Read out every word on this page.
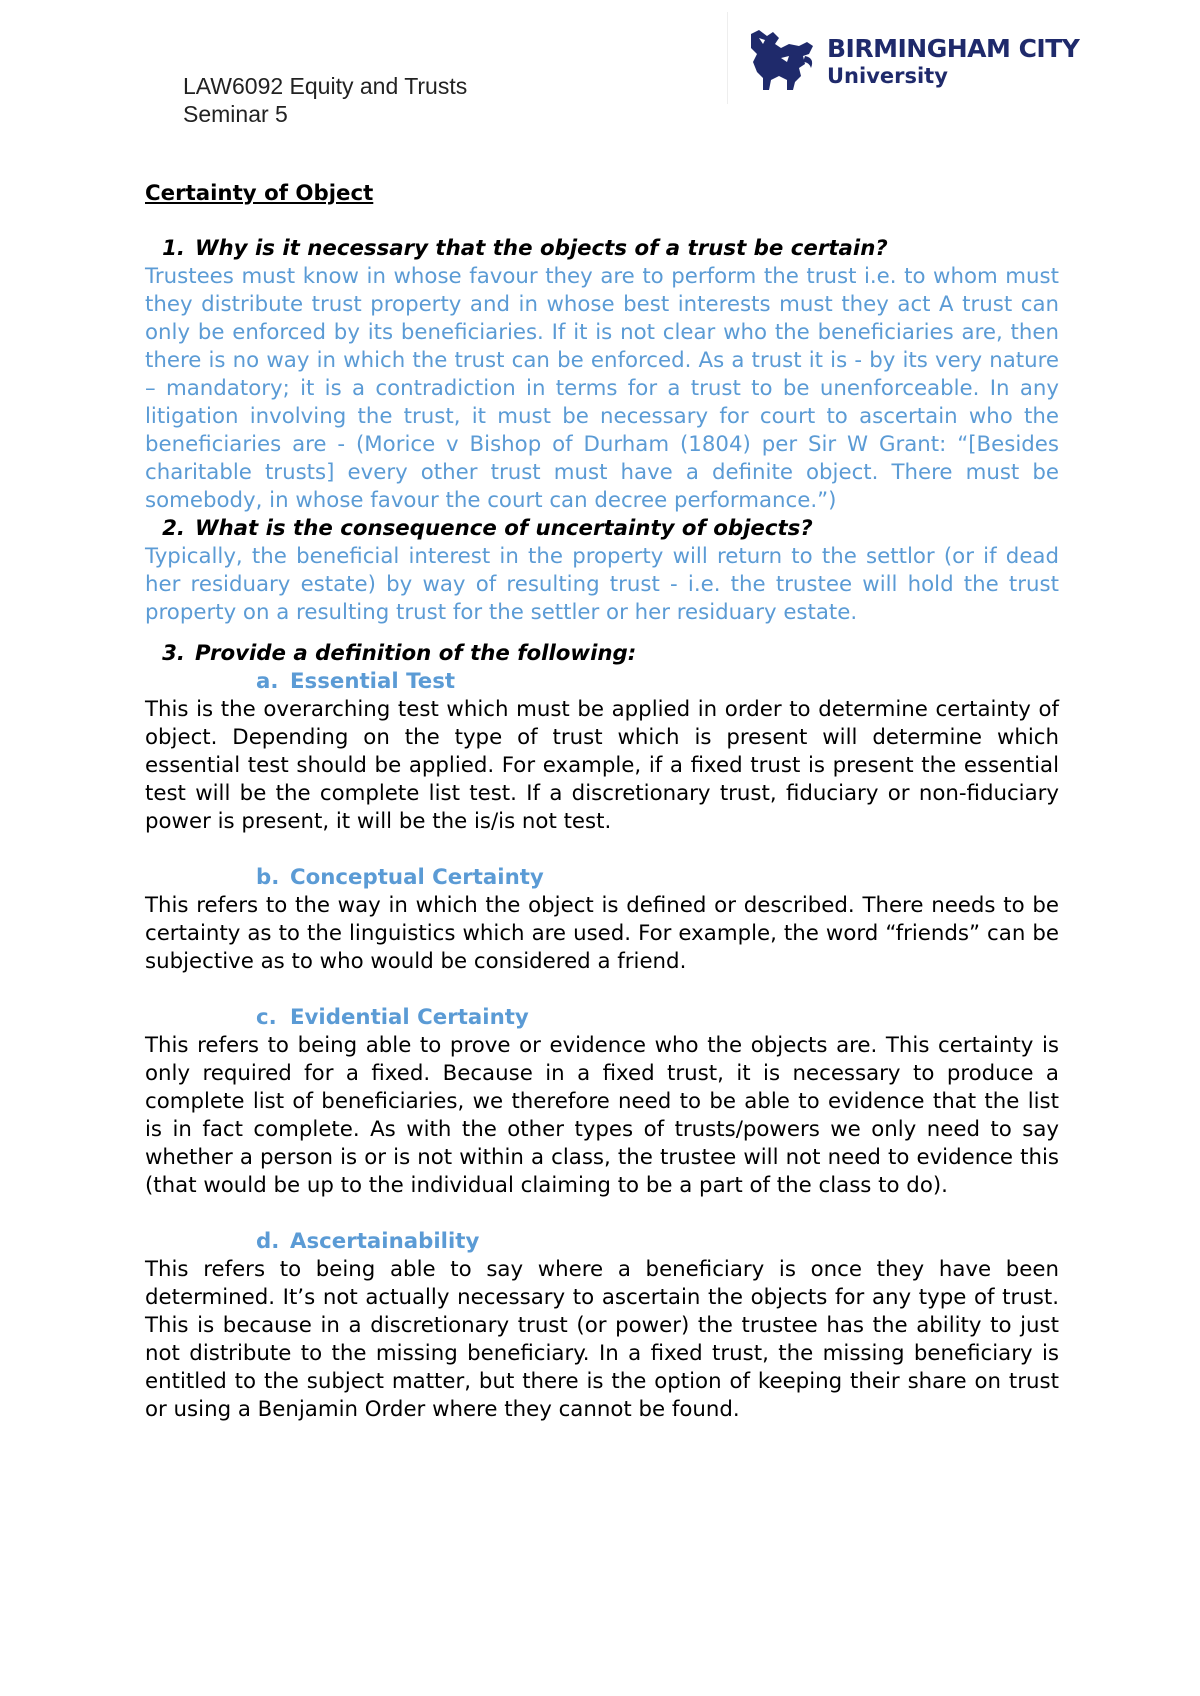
LAW6092 Equity and Trusts
Seminar 5
BIRMINGHAM CITY
University

Certainty of Object

1. Why is it necessary that the objects of a trust be certain?

Trustees must know in whose favour they are to perform the trust i.e. to whom must they distribute trust property and in whose best interests must they act A trust can only be enforced by its beneficiaries. If it is not clear who the beneficiaries are, then there is no way in which the trust can be enforced. As a trust it is - by its very nature – mandatory; it is a contradiction in terms for a trust to be unenforceable. In any litigation involving the trust, it must be necessary for court to ascertain who the beneficiaries are - (Morice v Bishop of Durham (1804) per Sir W Grant: “[Besides charitable trusts] every other trust must have a definite object. There must be somebody, in whose favour the court can decree performance.”)

2. What is the consequence of uncertainty of objects?

Typically, the beneficial interest in the property will return to the settlor (or if dead her residuary estate) by way of resulting trust - i.e. the trustee will hold the trust property on a resulting trust for the settler or her residuary estate.

3. Provide a definition of the following:

a. Essential Test

This is the overarching test which must be applied in order to determine certainty of object. Depending on the type of trust which is present will determine which essential test should be applied. For example, if a fixed trust is present the essential test will be the complete list test. If a discretionary trust, fiduciary or non-fiduciary power is present, it will be the is/is not test.

b. Conceptual Certainty

This refers to the way in which the object is defined or described. There needs to be certainty as to the linguistics which are used. For example, the word “friends” can be subjective as to who would be considered a friend.

c. Evidential Certainty

This refers to being able to prove or evidence who the objects are. This certainty is only required for a fixed. Because in a fixed trust, it is necessary to produce a complete list of beneficiaries, we therefore need to be able to evidence that the list is in fact complete. As with the other types of trusts/powers we only need to say whether a person is or is not within a class, the trustee will not need to evidence this (that would be up to the individual claiming to be a part of the class to do).

d. Ascertainability

This refers to being able to say where a beneficiary is once they have been determined. It’s not actually necessary to ascertain the objects for any type of trust. This is because in a discretionary trust (or power) the trustee has the ability to just not distribute to the missing beneficiary. In a fixed trust, the missing beneficiary is entitled to the subject matter, but there is the option of keeping their share on trust or using a Benjamin Order where they cannot be found.
